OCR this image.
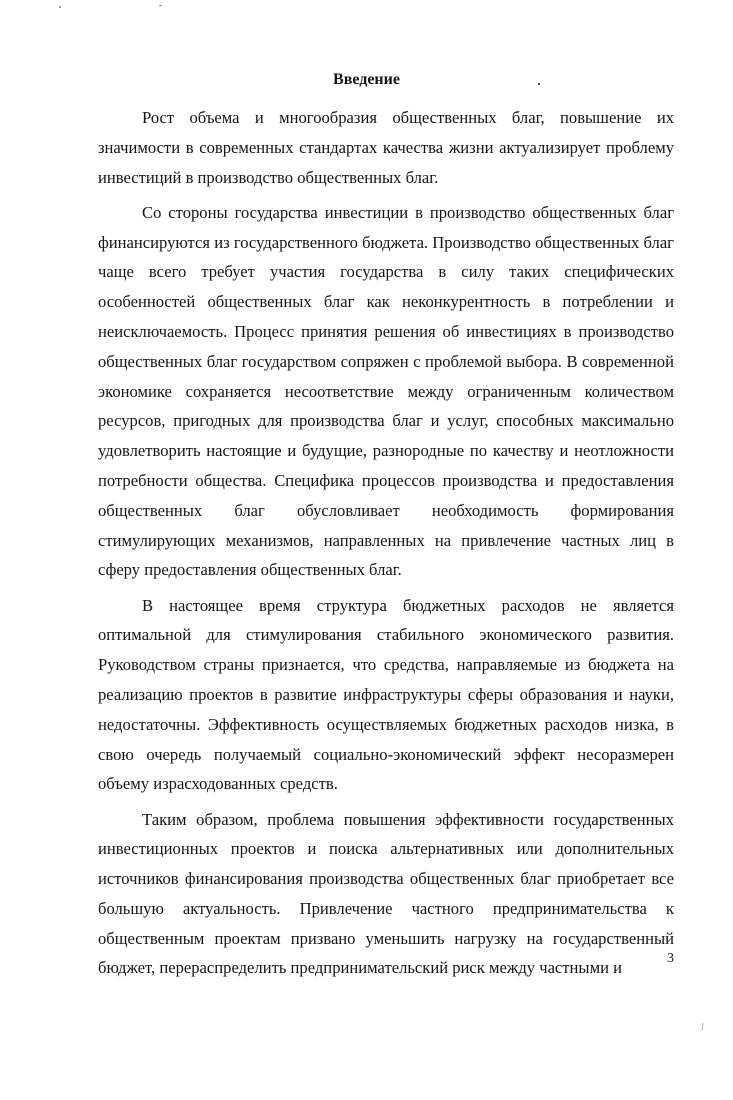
Введение

Рост объема и многообразия общественных благ, повышение их значимости в современных стандартах качества жизни актуализирует проблему инвестиций в производство общественных благ.

Со стороны государства инвестиции в производство общественных благ финансируются из государственного бюджета. Производство общественных благ чаще всего требует участия государства в силу таких специфических особенностей общественных благ как неконкурентность в потреблении и неисключаемость. Процесс принятия решения об инвестициях в производство общественных благ государством сопряжен с проблемой выбора. В современной экономике сохраняется несоответствие между ограниченным количеством ресурсов, пригодных для производства благ и услуг, способных максимально удовлетворить настоящие и будущие, разнородные по качеству и неотложности потребности общества. Специфика процессов производства и предоставления общественных благ обусловливает необходимость формирования стимулирующих механизмов, направленных на привлечение частных лиц в сферу предоставления общественных благ.

В настоящее время структура бюджетных расходов не является оптимальной для стимулирования стабильного экономического развития. Руководством страны признается, что средства, направляемые из бюджета на реализацию проектов в развитие инфраструктуры сферы образования и науки, недостаточны. Эффективность осуществляемых бюджетных расходов низка, в свою очередь получаемый социально-экономический эффект несоразмерен объему израсходованных средств.

Таким образом, проблема повышения эффективности государственных инвестиционных проектов и поиска альтернативных или дополнительных источников финансирования производства общественных благ приобретает все большую актуальность. Привлечение частного предпринимательства к общественным проектам призвано уменьшить нагрузку на государственный бюджет, перераспределить предпринимательский риск между частными и	3
/
